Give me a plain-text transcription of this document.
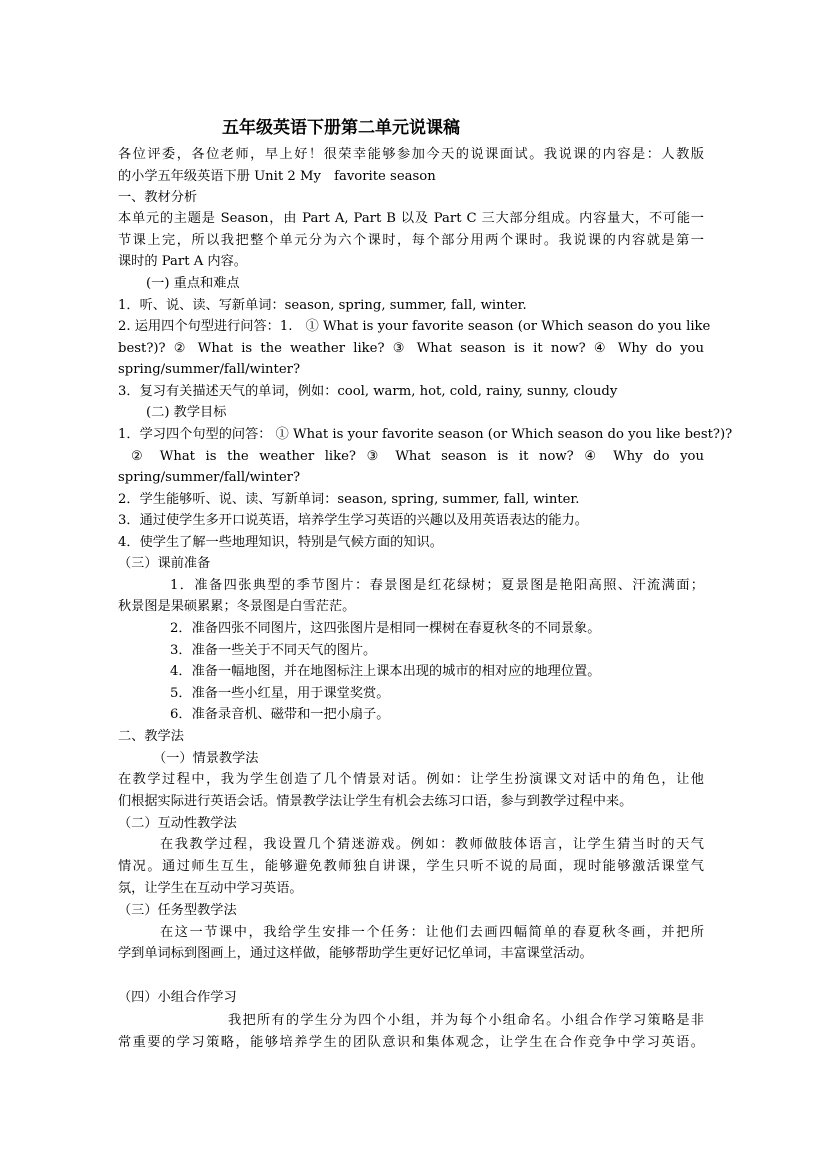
五年级英语下册第二单元说课稿
各位评委，各位老师，早上好！很荣幸能够参加今天的说课面试。我说课的内容是：人教版
的小学五年级英语下册 Unit 2 My　favorite season
一、教材分析
本单元的主题是 Season，由 Part A, Part B 以及 Part C 三大部分组成。内容量大，不可能一
节课上完，所以我把整个单元分为六个课时，每个部分用两个课时。我说课的内容就是第一
课时的 Part A 内容。
(一) 重点和难点
1．听、说、读、写新单词：season, spring, summer, fall, winter.
2. 运用四个句型进行问答：1.　① What is your favorite season (or Which season do you like
best?)? ② What is the weather like? ③ What season is it now? ④ Why do you
spring/summer/fall/winter?
3．复习有关描述天气的单词，例如：cool, warm, hot, cold, rainy, sunny, cloudy
(二) 教学目标
1．学习四个句型的问答： ① What is your favorite season (or Which season do you like best?)?
② What is the weather like? ③ What season is it now? ④ Why do you
spring/summer/fall/winter?
2．学生能够听、说、读、写新单词：season, spring, summer, fall, winter.
3．通过使学生多开口说英语，培养学生学习英语的兴趣以及用英语表达的能力。
4．使学生了解一些地理知识，特别是气候方面的知识。
（三）课前准备
1．准备四张典型的季节图片：春景图是红花绿树；夏景图是艳阳高照、汗流满面；
秋景图是果硕累累；冬景图是白雪茫茫。
2．准备四张不同图片，这四张图片是相同一棵树在春夏秋冬的不同景象。
3．准备一些关于不同天气的图片。
4．准备一幅地图，并在地图标注上课本出现的城市的相对应的地理位置。
5．准备一些小红星，用于课堂奖赏。
6．准备录音机、磁带和一把小扇子。
二、教学法
（一）情景教学法
在教学过程中，我为学生创造了几个情景对话。例如：让学生扮演课文对话中的角色，让他
们根据实际进行英语会话。情景教学法让学生有机会去练习口语，参与到教学过程中来。
（二）互动性教学法
在我教学过程，我设置几个猜迷游戏。例如：教师做肢体语言，让学生猜当时的天气
情况。通过师生互生，能够避免教师独自讲课，学生只听不说的局面，现时能够激活课堂气
氛，让学生在互动中学习英语。
（三）任务型教学法
在这一节课中，我给学生安排一个任务：让他们去画四幅简单的春夏秋冬画，并把所
学到单词标到图画上，通过这样做，能够帮助学生更好记忆单词，丰富课堂活动。
（四）小组合作学习
我把所有的学生分为四个小组，并为每个小组命名。小组合作学习策略是非
常重要的学习策略，能够培养学生的团队意识和集体观念，让学生在合作竞争中学习英语。
